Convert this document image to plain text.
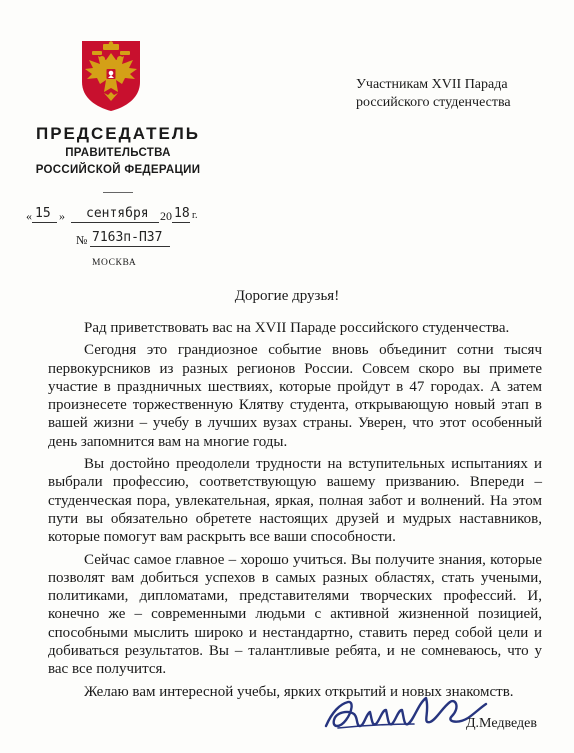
Участникам XVII Парада
российского студенчества
ПРЕДСЕДАТЕЛЬ
ПРАВИТЕЛЬСТВА
РОССИЙСКОЙ ФЕДЕРАЦИИ
« 15 » сентября 20 18 г.
№ 7163п-П37
МОСКВА
Дорогие друзья!

Рад приветствовать вас на XVII Параде российского студенчества.

Сегодня это грандиозное событие вновь объединит сотни тысяч первокурсников из разных регионов России. Совсем скоро вы примете участие в праздничных шествиях, которые пройдут в 47 городах. А затем произнесете торжественную Клятву студента, открывающую новый этап в вашей жизни – учебу в лучших вузах страны. Уверен, что этот особенный день запомнится вам на многие годы.

Вы достойно преодолели трудности на вступительных испытаниях и выбрали профессию, соответствующую вашему призванию. Впереди – студенческая пора, увлекательная, яркая, полная забот и волнений. На этом пути вы обязательно обретете настоящих друзей и мудрых наставников, которые помогут вам раскрыть все ваши способности.

Сейчас самое главное – хорошо учиться. Вы получите знания, которые позволят вам добиться успехов в самых разных областях, стать учеными, политиками, дипломатами, представителями творческих профессий. И, конечно же – современными людьми с активной жизненной позицией, способными мыслить широко и нестандартно, ставить перед собой цели и добиваться результатов. Вы – талантливые ребята, и не сомневаюсь, что у вас все получится.

Желаю вам интересной учебы, ярких открытий и новых знакомств.

Д.Медведев
